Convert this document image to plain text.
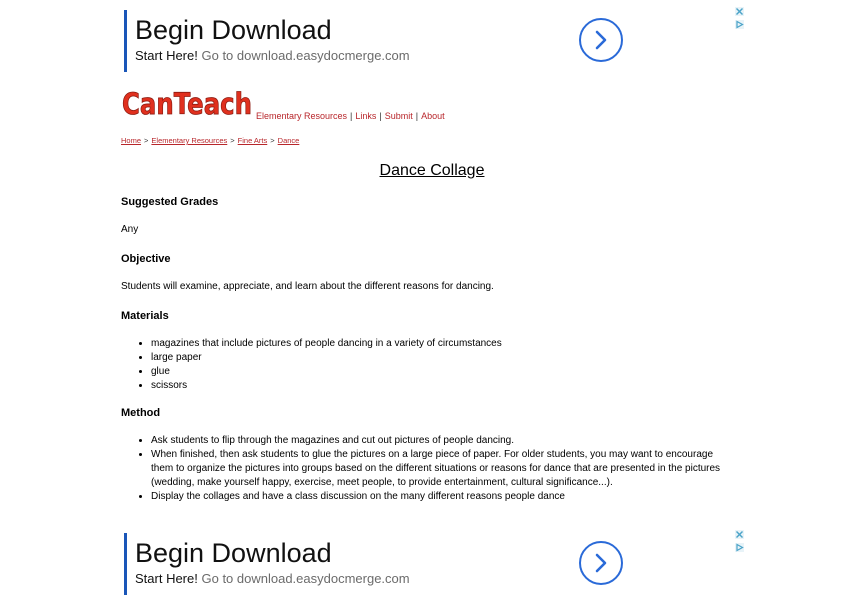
Begin Download
Start Here! Go to download.easydocmerge.com
CanTeach Elementary Resources | Links | Submit | About
Home > Elementary Resources > Fine Arts > Dance
Dance Collage
Suggested Grades

Any

Objective

Students will examine, appreciate, and learn about the different reasons for dancing.

Materials
• magazines that include pictures of people dancing in a variety of circumstances
• large paper
• glue
• scissors
Method
• Ask students to flip through the magazines and cut out pictures of people dancing.
• When finished, then ask students to glue the pictures on a large piece of paper. For older students, you may want to encourage them to organize the pictures into groups based on the different situations or reasons for dance that are presented in the pictures (wedding, make yourself happy, exercise, meet people, to provide entertainment, cultural significance...).
• Display the collages and have a class discussion on the many different reasons people dance
Begin Download
Start Here! Go to download.easydocmerge.com
